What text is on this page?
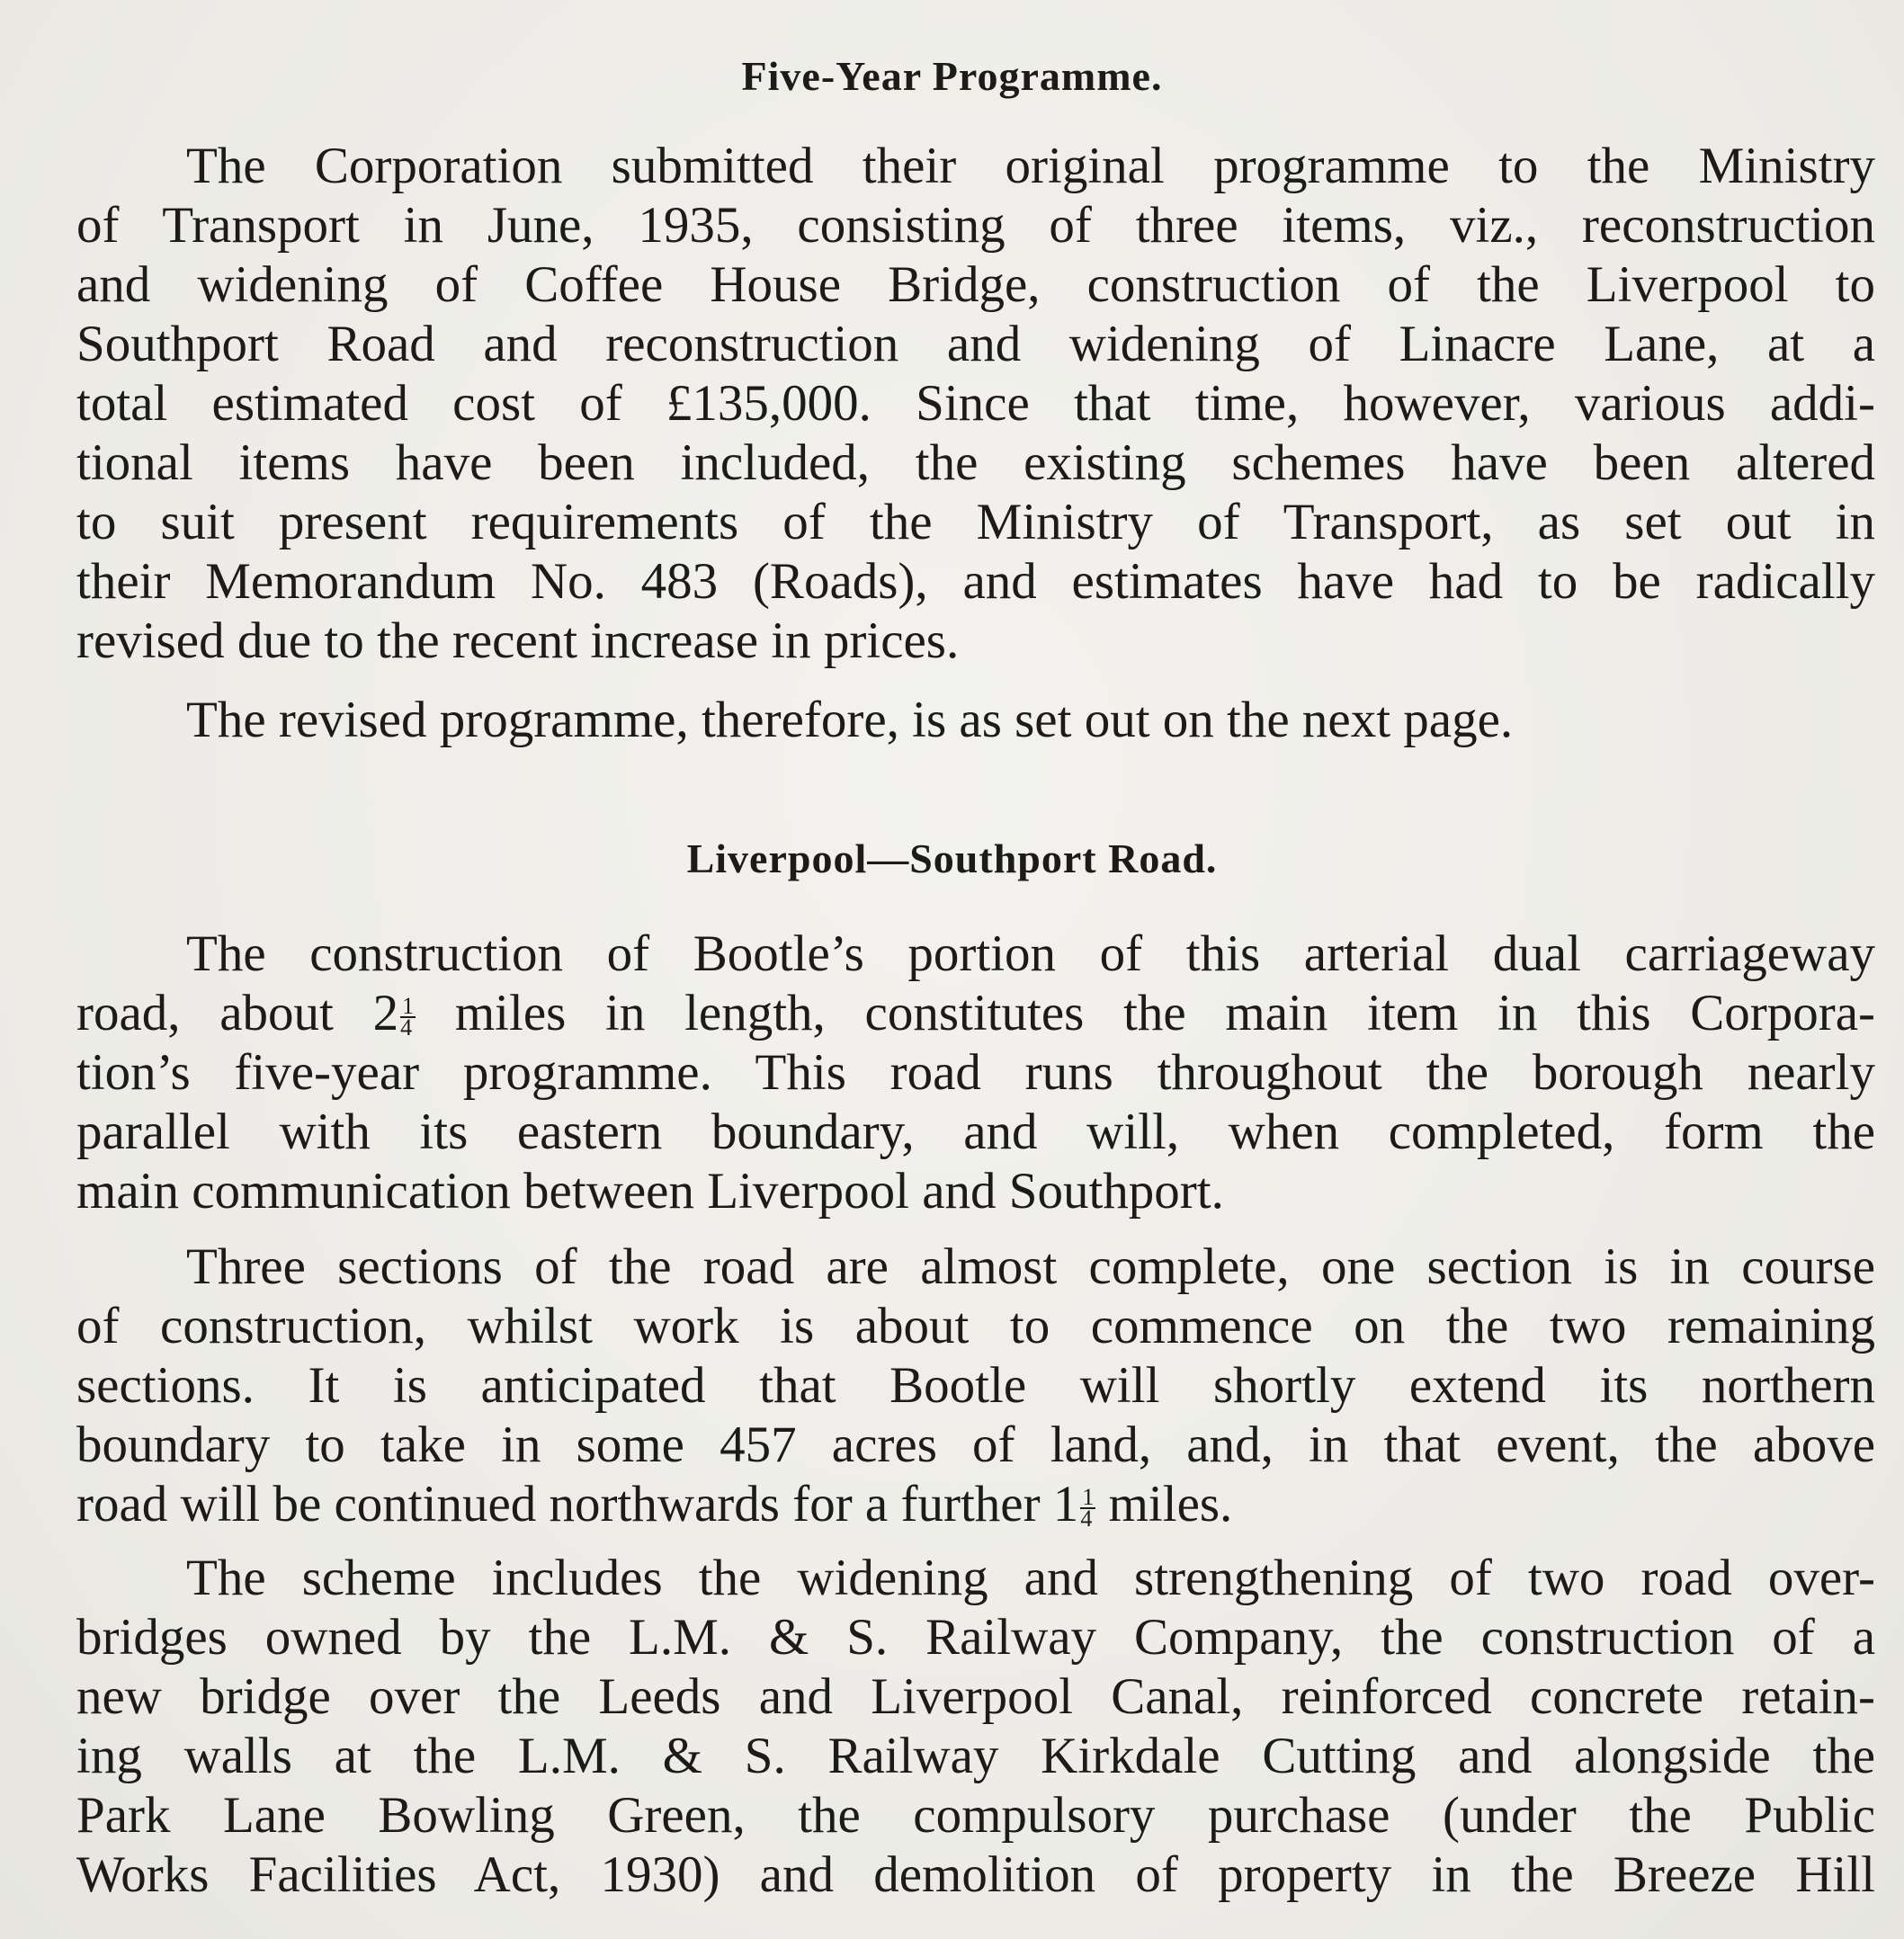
Five-Year Programme.
The Corporation submitted their original programme to the Ministry
of Transport in June, 1935, consisting of three items, viz., reconstruction
and widening of Coffee House Bridge, construction of the Liverpool to
Southport Road and reconstruction and widening of Linacre Lane, at a
total estimated cost of £135,000. Since that time, however, various addi-
tional items have been included, the existing schemes have been altered
to suit present requirements of the Ministry of Transport, as set out in
their Memorandum No. 483 (Roads), and estimates have had to be radically
revised due to the recent increase in prices.
The revised programme, therefore, is as set out on the next page.
Liverpool—Southport Road.
The construction of Bootle’s portion of this arterial dual carriageway
road, about $2 \frac{1}{4}$ miles in length, constitutes the main item in this Corpora-
tion’s five-year programme. This road runs throughout the borough nearly
parallel with its eastern boundary, and will, when completed, form the
main communication between Liverpool and Southport.
Three sections of the road are almost complete, one section is in course
of construction, whilst work is about to commence on the two remaining
sections. It is anticipated that Bootle will shortly extend its northern
boundary to take in some 457 acres of land, and, in that event, the above
road will be continued northwards for a further $1 \frac{1}{4}$ miles.
The scheme includes the widening and strengthening of two road over-
bridges owned by the L.M. & S. Railway Company, the construction of a
new bridge over the Leeds and Liverpool Canal, reinforced concrete retain-
ing walls at the L.M. & S. Railway Kirkdale Cutting and alongside the
Park Lane Bowling Green, the compulsory purchase (under the Public
Works Facilities Act, 1930) and demolition of property in the Breeze Hill
